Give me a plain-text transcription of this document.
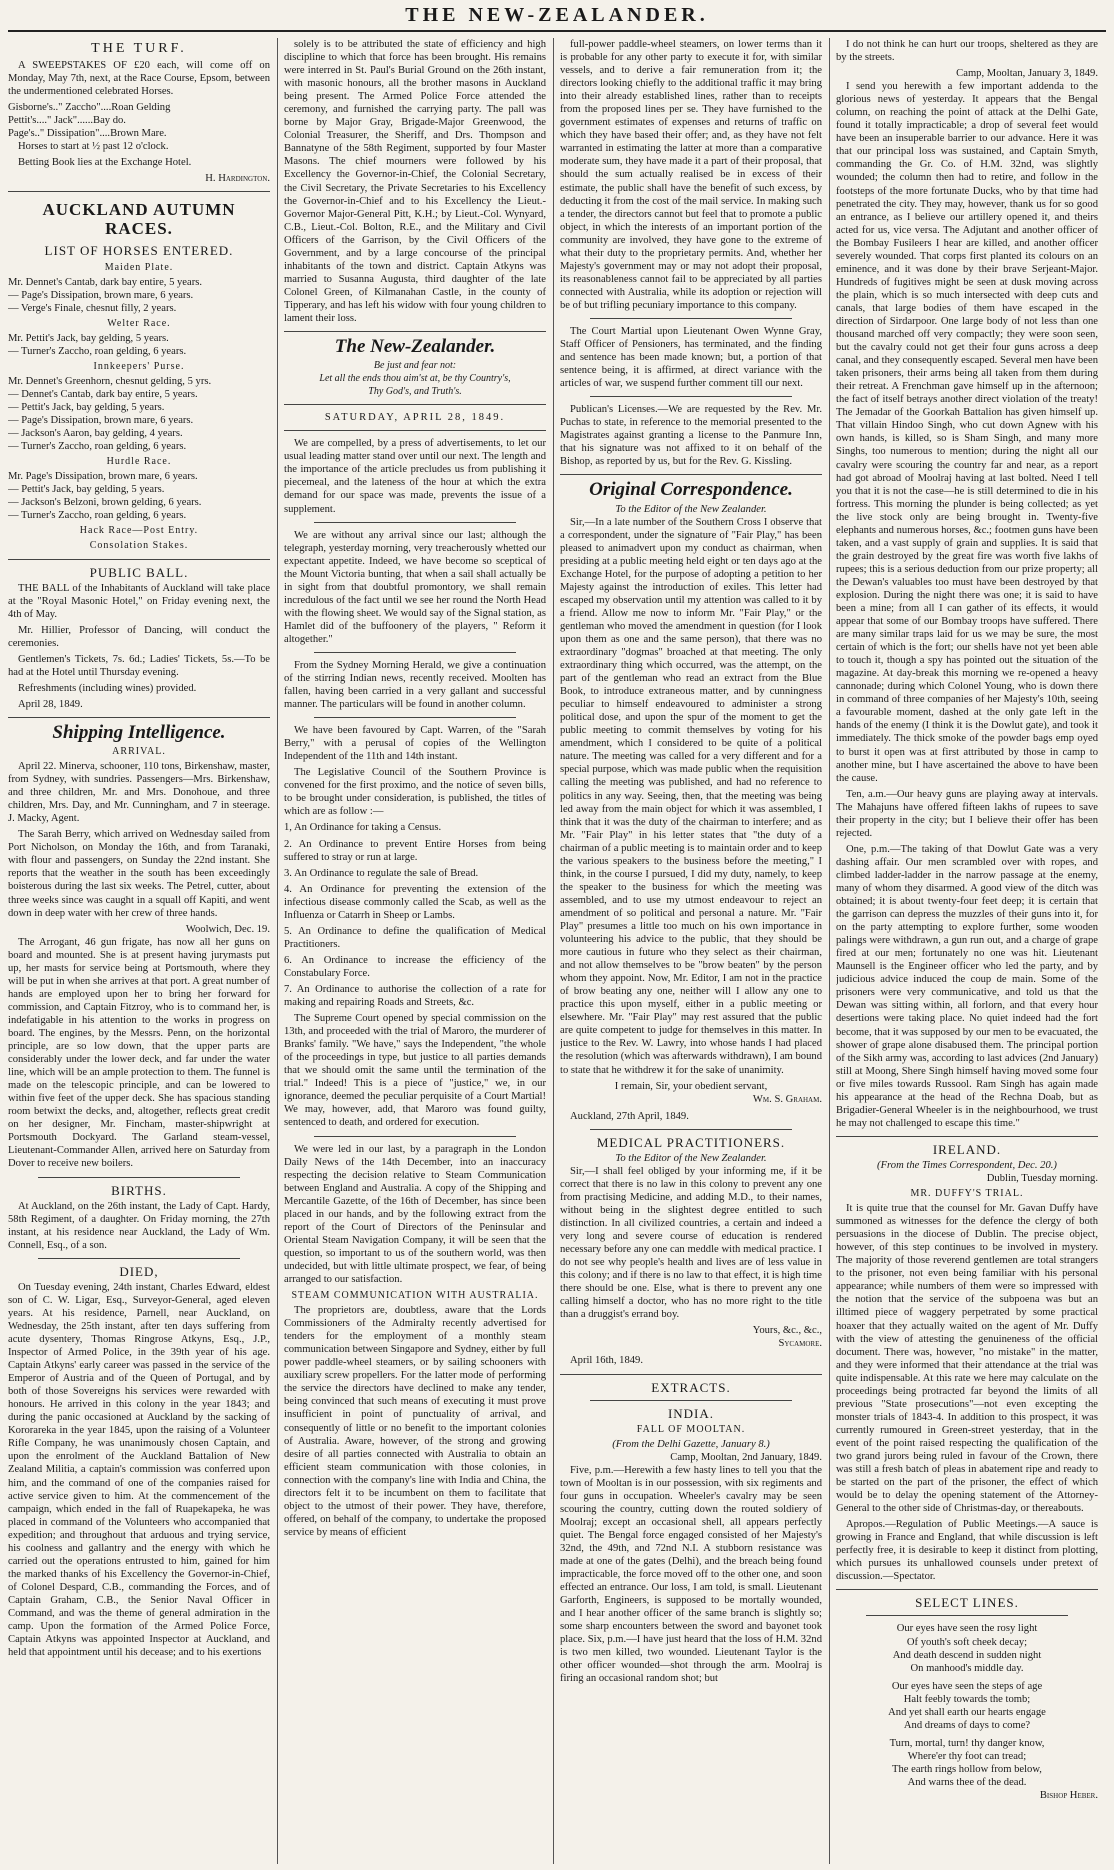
THE NEW-ZEALANDER.
THE TURF.

A SWEEPSTAKES OF £20 each, will come off on Monday, May 7th, next, at the Race Course, Epsom, between the undermentioned celebrated Horses.

Gisborne's.." Zaccho"....Roan Gelding

Pettit's...." Jack"......Bay do.

Page's.." Dissipation"....Brown Mare.

Horses to start at ½ past 12 o'clock.

Betting Book lies at the Exchange Hotel.

H. Hardington.
AUCKLAND AUTUMN RACES.
LIST OF HORSES ENTERED.
Maiden Plate.

Mr. Dennet's Cantab, dark bay entire, 5 years.

— Page's Dissipation, brown mare, 6 years.

— Verge's Finale, chesnut filly, 2 years.

Welter Race.

Mr. Pettit's Jack, bay gelding, 5 years.

— Turner's Zaccho, roan gelding, 6 years.

Innkeepers' Purse.

Mr. Dennet's Greenhorn, chesnut gelding, 5 yrs.

— Dennet's Cantab, dark bay entire, 5 years.

— Pettit's Jack, bay gelding, 5 years.

— Page's Dissipation, brown mare, 6 years.

— Jackson's Aaron, bay gelding, 4 years.

— Turner's Zaccho, roan gelding, 6 years.

Hurdle Race.

Mr. Page's Dissipation, brown mare, 6 years.

— Pettit's Jack, bay gelding, 5 years.

— Jackson's Belzoni, brown gelding, 6 years.

— Turner's Zaccho, roan gelding, 6 years.

Hack Race—Post Entry.
Consolation Stakes.
PUBLIC BALL.

THE BALL of the Inhabitants of Auckland will take place at the "Royal Masonic Hotel," on Friday evening next, the 4th of May.

Mr. Hillier, Professor of Dancing, will conduct the ceremonies.

Gentlemen's Tickets, 7s. 6d.; Ladies' Tickets, 5s.—To be had at the Hotel until Thursday evening.

Refreshments (including wines) provided.

April 28, 1849.

Shipping Intelligence.
ARRIVAL.

April 22. Minerva, schooner, 110 tons, Birkenshaw, master, from Sydney, with sundries. Passengers—Mrs. Birkenshaw, and three children, Mr. and Mrs. Donohoue, and three children, Mrs. Day, and Mr. Cunningham, and 7 in steerage. J. Macky, Agent.

The Sarah Berry, which arrived on Wednesday sailed from Port Nicholson, on Monday the 16th, and from Taranaki, with flour and passengers, on Sunday the 22nd instant. She reports that the weather in the south has been exceedingly boisterous during the last six weeks. The Petrel, cutter, about three weeks since was caught in a squall off Kapiti, and went down in deep water with her crew of three hands.

Woolwich, Dec. 19.

The Arrogant, 46 gun frigate, has now all her guns on board and mounted. She is at present having jurymasts put up, her masts for service being at Portsmouth, where they will be put in when she arrives at that port. A great number of hands are employed upon her to bring her forward for commission, and Captain Fitzroy, who is to command her, is indefatigable in his attention to the works in progress on board. The engines, by the Messrs. Penn, on the horizontal principle, are so low down, that the upper parts are considerably under the lower deck, and far under the water line, which will be an ample protection to them. The funnel is made on the telescopic principle, and can be lowered to within five feet of the upper deck. She has spacious standing room betwixt the decks, and, altogether, reflects great credit on her designer, Mr. Fincham, master-shipwright at Portsmouth Dockyard. The Garland steam-vessel, Lieutenant-Commander Allen, arrived here on Saturday from Dover to receive new boilers.

BIRTHS.

At Auckland, on the 26th instant, the Lady of Capt. Hardy, 58th Regiment, of a daughter. On Friday morning, the 27th instant, at his residence near Auckland, the Lady of Wm. Connell, Esq., of a son.

DIED,

On Tuesday evening, 24th instant, Charles Edward, eldest son of C. W. Ligar, Esq., Surveyor-General, aged eleven years. At his residence, Parnell, near Auckland, on Wednesday, the 25th instant, after ten days suffering from acute dysentery, Thomas Ringrose Atkyns, Esq., J.P., Inspector of Armed Police, in the 39th year of his age. Captain Atkyns' early career was passed in the service of the Emperor of Austria and of the Queen of Portugal, and by both of those Sovereigns his services were rewarded with honours. He arrived in this colony in the year 1843; and during the panic occasioned at Auckland by the sacking of Kororareka in the year 1845, upon the raising of a Volunteer Rifle Company, he was unanimously chosen Captain, and upon the enrolment of the Auckland Battalion of New Zealand Militia, a captain's commission was conferred upon him, and the command of one of the companies raised for active service given to him. At the commencement of the campaign, which ended in the fall of Ruapekapeka, he was placed in command of the Volunteers who accompanied that expedition; and throughout that arduous and trying service, his coolness and gallantry and the energy with which he carried out the operations entrusted to him, gained for him the marked thanks of his Excellency the Governor-in-Chief, of Colonel Despard, C.B., commanding the Forces, and of Captain Graham, C.B., the Senior Naval Officer in Command, and was the theme of general admiration in the camp. Upon the formation of the Armed Police Force, Captain Atkyns was appointed Inspector at Auckland, and held that appointment until his decease; and to his exertions

solely is to be attributed the state of efficiency and high discipline to which that force has been brought. His remains were interred in St. Paul's Burial Ground on the 26th instant, with masonic honours, all the brother masons in Auckland being present. The Armed Police Force attended the ceremony, and furnished the carrying party. The pall was borne by Major Gray, Brigade-Major Greenwood, the Colonial Treasurer, the Sheriff, and Drs. Thompson and Bannatyne of the 58th Regiment, supported by four Master Masons. The chief mourners were followed by his Excellency the Governor-in-Chief, the Colonial Secretary, the Civil Secretary, the Private Secretaries to his Excellency the Governor-in-Chief and to his Excellency the Lieut.-Governor Major-General Pitt, K.H.; by Lieut.-Col. Wynyard, C.B., Lieut.-Col. Bolton, R.E., and the Military and Civil Officers of the Garrison, by the Civil Officers of the Government, and by a large concourse of the principal inhabitants of the town and district. Captain Atkyns was married to Susanna Augusta, third daughter of the late Colonel Green, of Kilmanahan Castle, in the county of Tipperary, and has left his widow with four young children to lament their loss.

The New-Zealander.
Be just and fear not:
Let all the ends thou aim'st at, be thy Country's,
Thy God's, and Truth's.
SATURDAY, APRIL 28, 1849.

We are compelled, by a press of advertisements, to let our usual leading matter stand over until our next. The length and the importance of the article precludes us from publishing it piecemeal, and the lateness of the hour at which the extra demand for our space was made, prevents the issue of a supplement.

We are without any arrival since our last; although the telegraph, yesterday morning, very treacherously whetted our expectant appetite. Indeed, we have become so sceptical of the Mount Victoria bunting, that when a sail shall actually be in sight from that doubtful promontory, we shall remain incredulous of the fact until we see her round the North Head with the flowing sheet. We would say of the Signal station, as Hamlet did of the buffoonery of the players, " Reform it altogether."

From the Sydney Morning Herald, we give a continuation of the stirring Indian news, recently received. Moolten has fallen, having been carried in a very gallant and successful manner. The particulars will be found in another column.

We have been favoured by Capt. Warren, of the "Sarah Berry," with a perusal of copies of the Wellington Independent of the 11th and 14th instant.

The Legislative Council of the Southern Province is convened for the first proximo, and the notice of seven bills, to be brought under consideration, is published, the titles of which are as follow :—

1, An Ordinance for taking a Census.

2. An Ordinance to prevent Entire Horses from being suffered to stray or run at large.

3. An Ordinance to regulate the sale of Bread.

4. An Ordinance for preventing the extension of the infectious disease commonly called the Scab, as well as the Influenza or Catarrh in Sheep or Lambs.

5. An Ordinance to define the qualification of Medical Practitioners.

6. An Ordinance to increase the efficiency of the Constabulary Force.

7. An Ordinance to authorise the collection of a rate for making and repairing Roads and Streets, &c.

The Supreme Court opened by special commission on the 13th, and proceeded with the trial of Maroro, the murderer of Branks' family. "We have," says the Independent, "the whole of the proceedings in type, but justice to all parties demands that we should omit the same until the termination of the trial." Indeed! This is a piece of "justice," we, in our ignorance, deemed the peculiar perquisite of a Court Martial! We may, however, add, that Maroro was found guilty, sentenced to death, and ordered for execution.

We were led in our last, by a paragraph in the London Daily News of the 14th December, into an inaccuracy respecting the decision relative to Steam Communication between England and Australia. A copy of the Shipping and Mercantile Gazette, of the 16th of December, has since been placed in our hands, and by the following extract from the report of the Court of Directors of the Peninsular and Oriental Steam Navigation Company, it will be seen that the question, so important to us of the southern world, was then undecided, but with little ultimate prospect, we fear, of being arranged to our satisfaction.

STEAM COMMUNICATION WITH AUSTRALIA.

The proprietors are, doubtless, aware that the Lords Commissioners of the Admiralty recently advertised for tenders for the employment of a monthly steam communication between Singapore and Sydney, either by full power paddle-wheel steamers, or by sailing schooners with auxiliary screw propellers. For the latter mode of performing the service the directors have declined to make any tender, being convinced that such means of executing it must prove insufficient in point of punctuality of arrival, and consequently of little or no benefit to the important colonies of Australia. Aware, however, of the strong and growing desire of all parties connected with Australia to obtain an efficient steam communication with those colonies, in connection with the company's line with India and China, the directors felt it to be incumbent on them to facilitate that object to the utmost of their power. They have, therefore, offered, on behalf of the company, to undertake the proposed service by means of efficient

full-power paddle-wheel steamers, on lower terms than it is probable for any other party to execute it for, with similar vessels, and to derive a fair remuneration from it; the directors looking chiefly to the additional traffic it may bring into their already established lines, rather than to receipts from the proposed lines per se. They have furnished to the government estimates of expenses and returns of traffic on which they have based their offer; and, as they have not felt warranted in estimating the latter at more than a comparative moderate sum, they have made it a part of their proposal, that should the sum actually realised be in excess of their estimate, the public shall have the benefit of such excess, by deducting it from the cost of the mail service. In making such a tender, the directors cannot but feel that to promote a public object, in which the interests of an important portion of the community are involved, they have gone to the extreme of what their duty to the proprietary permits. And, whether her Majesty's government may or may not adopt their proposal, its reasonableness cannot fail to be appreciated by all parties connected with Australia, while its adoption or rejection will be of but trifling pecuniary importance to this company.

The Court Martial upon Lieutenant Owen Wynne Gray, Staff Officer of Pensioners, has terminated, and the finding and sentence has been made known; but, a portion of that sentence being, it is affirmed, at direct variance with the articles of war, we suspend further comment till our next.

Publican's Licenses.—We are requested by the Rev. Mr. Puchas to state, in reference to the memorial presented to the Magistrates against granting a license to the Panmure Inn, that his signature was not affixed to it on behalf of the Bishop, as reported by us, but for the Rev. G. Kissling.

Original Correspondence.
To the Editor of the New Zealander.

Sir,—In a late number of the Southern Cross I observe that a correspondent, under the signature of "Fair Play," has been pleased to animadvert upon my conduct as chairman, when presiding at a public meeting held eight or ten days ago at the Exchange Hotel, for the purpose of adopting a petition to her Majesty against the introduction of exiles. This letter had escaped my observation until my attention was called to it by a friend. Allow me now to inform Mr. "Fair Play," or the gentleman who moved the amendment in question (for I look upon them as one and the same person), that there was no extraordinary "dogmas" broached at that meeting. The only extraordinary thing which occurred, was the attempt, on the part of the gentleman who read an extract from the Blue Book, to introduce extraneous matter, and by cunningness peculiar to himself endeavoured to administer a strong political dose, and upon the spur of the moment to get the public meeting to commit themselves by voting for his amendment, which I considered to be quite of a political nature. The meeting was called for a very different and for a special purpose, which was made public when the requisition calling the meeting was published, and had no reference to politics in any way. Seeing, then, that the meeting was being led away from the main object for which it was assembled, I think that it was the duty of the chairman to interfere; and as Mr. "Fair Play" in his letter states that "the duty of a chairman of a public meeting is to maintain order and to keep the various speakers to the business before the meeting," I think, in the course I pursued, I did my duty, namely, to keep the speaker to the business for which the meeting was assembled, and to use my utmost endeavour to reject an amendment of so political and personal a nature. Mr. "Fair Play" presumes a little too much on his own importance in volunteering his advice to the public, that they should be more cautious in future who they select as their chairman, and not allow themselves to be "brow beaten" by the person whom they appoint. Now, Mr. Editor, I am not in the practice of brow beating any one, neither will I allow any one to practice this upon myself, either in a public meeting or elsewhere. Mr. "Fair Play" may rest assured that the public are quite competent to judge for themselves in this matter. In justice to the Rev. W. Lawry, into whose hands I had placed the resolution (which was afterwards withdrawn), I am bound to state that he withdrew it for the sake of unanimity.

I remain, Sir, your obedient servant,
Wm. S. Graham.

Auckland, 27th April, 1849.

MEDICAL PRACTITIONERS.
To the Editor of the New Zealander.

Sir,—I shall feel obliged by your informing me, if it be correct that there is no law in this colony to prevent any one from practising Medicine, and adding M.D., to their names, without being in the slightest degree entitled to such distinction. In all civilized countries, a certain and indeed a very long and severe course of education is rendered necessary before any one can meddle with medical practice. I do not see why people's health and lives are of less value in this colony; and if there is no law to that effect, it is high time there should be one. Else, what is there to prevent any one calling himself a doctor, who has no more right to the title than a druggist's errand boy.

Yours, &c., &c.,
Sycamore.

April 16th, 1849.

EXTRACTS.
INDIA.
FALL OF MOOLTAN.
(From the Delhi Gazette, January 8.)
Camp, Mooltan, 2nd January, 1849.

Five, p.m.—Herewith a few hasty lines to tell you that the town of Mooltan is in our possession, with six regiments and four guns in occupation. Wheeler's cavalry may be seen scouring the country, cutting down the routed soldiery of Moolraj; except an occasional shell, all appears perfectly quiet. The Bengal force engaged consisted of her Majesty's 32nd, the 49th, and 72nd N.I. A stubborn resistance was made at one of the gates (Delhi), and the breach being found impracticable, the force moved off to the other one, and soon effected an entrance. Our loss, I am told, is small. Lieutenant Garforth, Engineers, is supposed to be mortally wounded, and I hear another officer of the same branch is slightly so; some sharp encounters between the sword and bayonet took place. Six, p.m.—I have just heard that the loss of H.M. 32nd is two men killed, two wounded. Lieutenant Taylor is the other officer wounded—shot through the arm. Moolraj is firing an occasional random shot; but

I do not think he can hurt our troops, sheltered as they are by the streets.

Camp, Mooltan, January 3, 1849.

I send you herewith a few important addenda to the glorious news of yesterday. It appears that the Bengal column, on reaching the point of attack at the Delhi Gate, found it totally impracticable; a drop of several feet would have been an insuperable barrier to our advance. Here it was that our principal loss was sustained, and Captain Smyth, commanding the Gr. Co. of H.M. 32nd, was slightly wounded; the column then had to retire, and follow in the footsteps of the more fortunate Ducks, who by that time had penetrated the city. They may, however, thank us for so good an entrance, as I believe our artillery opened it, and theirs acted for us, vice versa. The Adjutant and another officer of the Bombay Fusileers I hear are killed, and another officer severely wounded. That corps first planted its colours on an eminence, and it was done by their brave Serjeant-Major. Hundreds of fugitives might be seen at dusk moving across the plain, which is so much intersected with deep cuts and canals, that large bodies of them have escaped in the direction of Sirdarpoor. One large body of not less than one thousand marched off very compactly; they were soon seen, but the cavalry could not get their four guns across a deep canal, and they consequently escaped. Several men have been taken prisoners, their arms being all taken from them during their retreat. A Frenchman gave himself up in the afternoon; the fact of itself betrays another direct violation of the treaty! The Jemadar of the Goorkah Battalion has given himself up. That villain Hindoo Singh, who cut down Agnew with his own hands, is killed, so is Sham Singh, and many more Singhs, too numerous to mention; during the night all our cavalry were scouring the country far and near, as a report had got abroad of Moolraj having at last bolted. Need I tell you that it is not the case—he is still determined to die in his fortress. This morning the plunder is being collected; as yet the live stock only are being brought in. Twenty-five elephants and numerous horses, &c.; footmen guns have been taken, and a vast supply of grain and supplies. It is said that the grain destroyed by the great fire was worth five lakhs of rupees; this is a serious deduction from our prize property; all the Dewan's valuables too must have been destroyed by that explosion. During the night there was one; it is said to have been a mine; from all I can gather of its effects, it would appear that some of our Bombay troops have suffered. There are many similar traps laid for us we may be sure, the most certain of which is the fort; our shells have not yet been able to touch it, though a spy has pointed out the situation of the magazine. At day-break this morning we re-opened a heavy cannonade; during which Colonel Young, who is down there in command of three companies of her Majesty's 10th, seeing a favourable moment, dashed at the only gate left in the hands of the enemy (I think it is the Dowlut gate), and took it immediately. The thick smoke of the powder bags emp oyed to burst it open was at first attributed by those in camp to another mine, but I have ascertained the above to have been the cause.

Ten, a.m.—Our heavy guns are playing away at intervals. The Mahajuns have offered fifteen lakhs of rupees to save their property in the city; but I believe their offer has been rejected.

One, p.m.—The taking of that Dowlut Gate was a very dashing affair. Our men scrambled over with ropes, and climbed ladder-ladder in the narrow passage at the enemy, many of whom they disarmed. A good view of the ditch was obtained; it is about twenty-four feet deep; it is certain that the garrison can depress the muzzles of their guns into it, for on the party attempting to explore further, some wooden palings were withdrawn, a gun run out, and a charge of grape fired at our men; fortunately no one was hit. Lieutenant Maunsell is the Engineer officer who led the party, and by judicious advice induced the coup de main. Some of the prisoners were very communicative, and told us that the Dewan was sitting within, all forlorn, and that every hour desertions were taking place. No quiet indeed had the fort become, that it was supposed by our men to be evacuated, the shower of grape alone disabused them. The principal portion of the Sikh army was, according to last advices (2nd January) still at Moong, Shere Singh himself having moved some four or five miles towards Russool. Ram Singh has again made his appearance at the head of the Rechna Doab, but as Brigadier-General Wheeler is in the neighbourhood, we trust he may not challenged to escape this time."

IRELAND.
(From the Times Correspondent, Dec. 20.)
Dublin, Tuesday morning.
MR. DUFFY'S TRIAL.

It is quite true that the counsel for Mr. Gavan Duffy have summoned as witnesses for the defence the clergy of both persuasions in the diocese of Dublin. The precise object, however, of this step continues to be involved in mystery. The majority of those reverend gentlemen are total strangers to the prisoner, not even being familiar with his personal appearance; while numbers of them were so impressed with the notion that the service of the subpoena was but an illtimed piece of waggery perpetrated by some practical hoaxer that they actually waited on the agent of Mr. Duffy with the view of attesting the genuineness of the official document. There was, however, "no mistake" in the matter, and they were informed that their attendance at the trial was quite indispensable. At this rate we here may calculate on the proceedings being protracted far beyond the limits of all previous "State prosecutions"—not even excepting the monster trials of 1843-4. In addition to this prospect, it was currently rumoured in Green-street yesterday, that in the event of the point raised respecting the qualification of the two grand jurors being ruled in favour of the Crown, there was still a fresh batch of pleas in abatement ripe and ready to be started on the part of the prisoner, the effect of which would be to delay the opening statement of the Attorney-General to the other side of Christmas-day, or thereabouts.

Apropos.—Regulation of Public Meetings.—A sauce is growing in France and England, that while discussion is left perfectly free, it is desirable to keep it distinct from plotting, which pursues its unhallowed counsels under pretext of discussion.—Spectator.

SELECT LINES.

Our eyes have seen the rosy light

Of youth's soft cheek decay;

And death descend in sudden night

On manhood's middle day.

Our eyes have seen the steps of age

Halt feebly towards the tomb;

And yet shall earth our hearts engage

And dreams of days to come?

Turn, mortal, turn! thy danger know,

Where'er thy foot can tread;

The earth rings hollow from below,

And warns thee of the dead.

Bishop Heber.
